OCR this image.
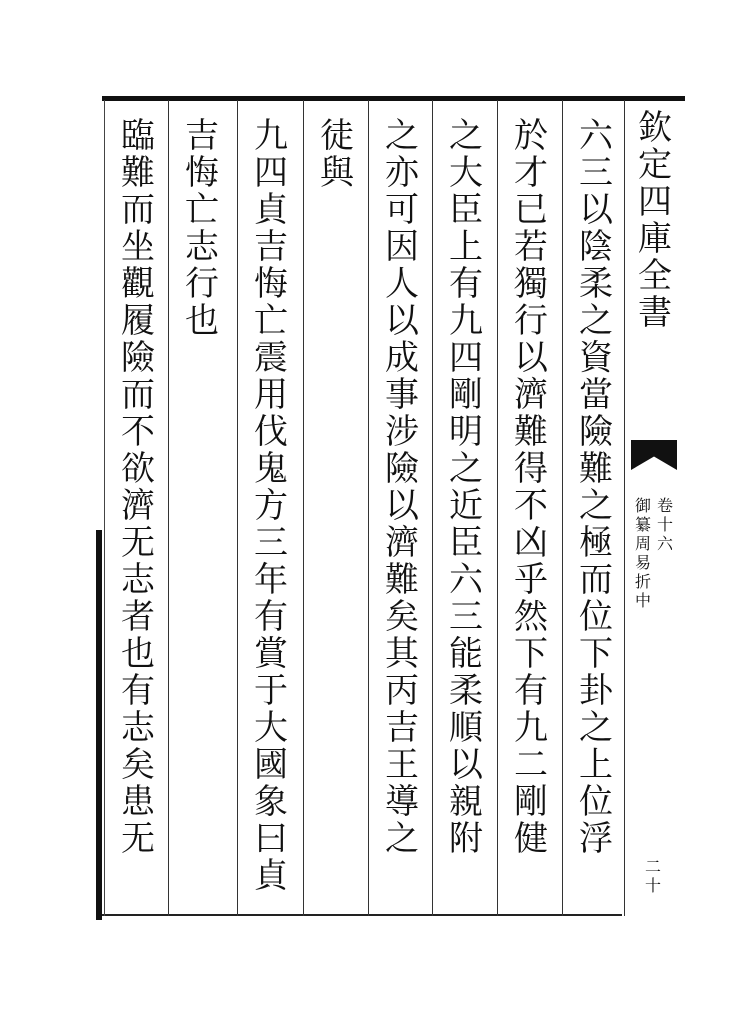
欽
定
四
庫
全
書
御
纂
周
易
折
中
卷
十
六
二
十
六
三
以
陰
柔
之
資
當
險
難
之
極
而
位
下
卦
之
上
位
浮
於
才
已
若
獨
行
以
濟
難
得
不
凶
乎
然
下
有
九
二
剛
健
之
大
臣
上
有
九
四
剛
明
之
近
臣
六
三
能
柔
順
以
親
附
之
亦
可
因
人
以
成
事
涉
險
以
濟
難
矣
其
丙
吉
王
導
之
徒
與
九
四
貞
吉
悔
亡
震
用
伐
鬼
方
三
年
有
賞
于
大
國
象
曰
貞
吉
悔
亡
志
行
也
臨
難
而
坐
觀
履
險
而
不
欲
濟
无
志
者
也
有
志
矣
患
无
